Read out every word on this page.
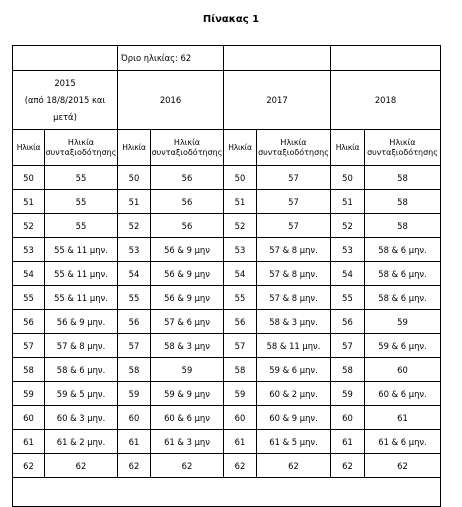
Πίνακας 1
		Όριο ηλικίας: 62					

2015
(από 18/8/2015 και μετά)		2016		2017		2018	
Ηλικία	Ηλικία συνταξιοδότησης	Ηλικία	Ηλικία συνταξιοδότησης	Ηλικία	Ηλικία συνταξιοδότησης	Ηλικία	Ηλικία συνταξιοδότησης
50	55	50	56	50	57	50	58
51	55	51	56	51	57	51	58
52	55	52	56	52	57	52	58
53	55 & 11 μην.	53	56 & 9 μην	53	57 & 8 μην.	53	58 & 6 μην.
54	55 & 11 μην.	54	56 & 9 μην	54	57 & 8 μην.	54	58 & 6 μην.
55	55 & 11 μην.	55	56 & 9 μην	55	57 & 8 μην.	55	58 & 6 μην.
56	56 & 9 μην.	56	57 & 6 μην	56	58 & 3 μην.	56	59
57	57 & 8 μην.	57	58 & 3 μην	57	58 & 11 μην.	57	59 & 6 μην.
58	58 & 6 μην.	58	59	58	59 & 6 μην.	58	60
59	59 & 5 μην.	59	59 & 9 μην	59	60 & 2 μην.	59	60 & 6 μην.
60	60 & 3 μην.	60	60 & 6 μην	60	60 & 9 μην.	60	61
61	61 & 2 μην.	61	61 & 3 μην	61	61 & 5 μην.	61	61 & 6 μην.
62	62	62	62	62	62	62	62
